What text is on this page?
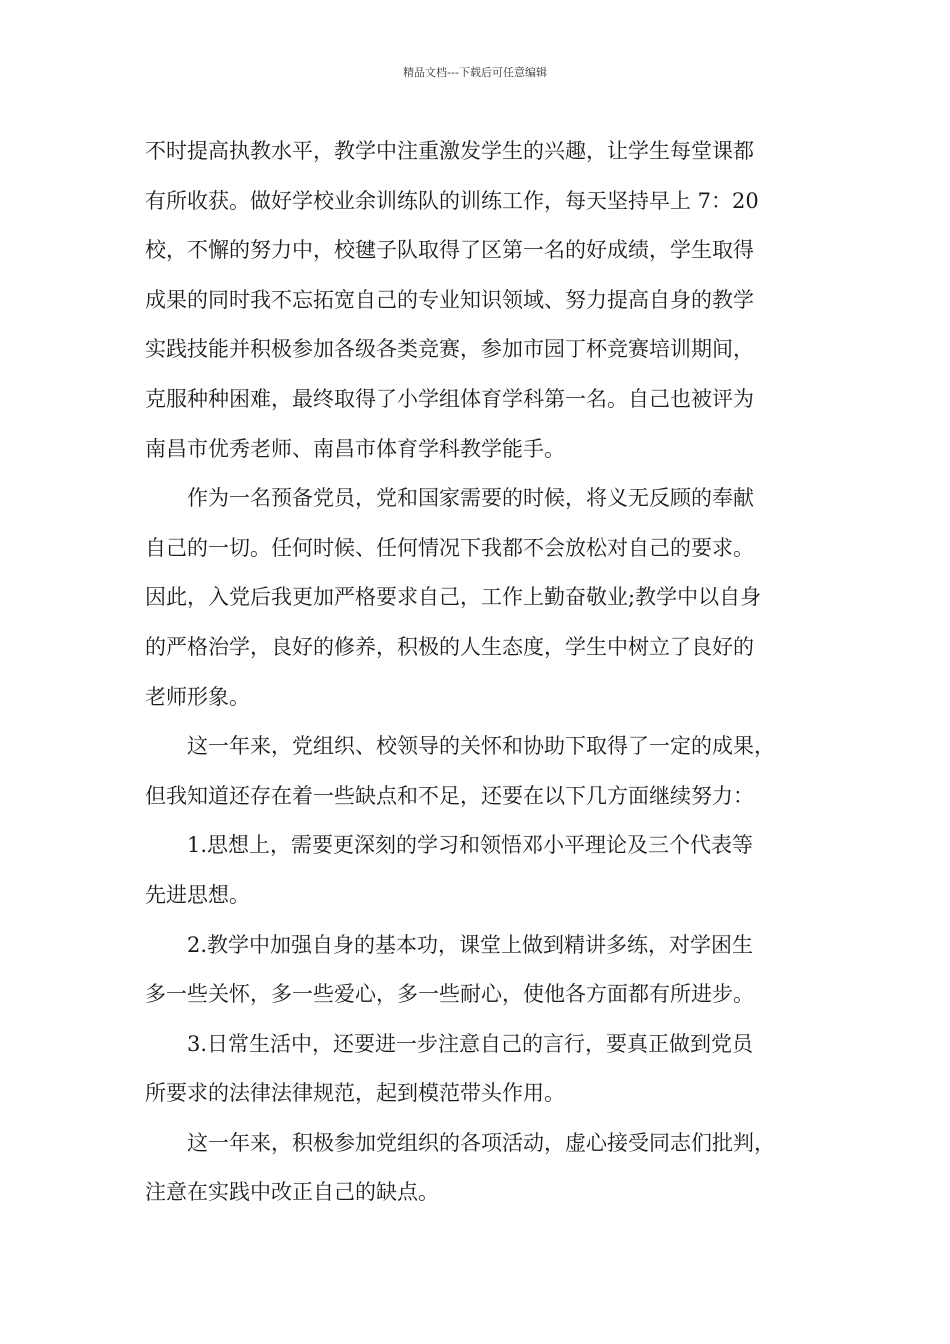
精品文档---下载后可任意编辑
不时提高执教水平，教学中注重激发学生的兴趣，让学生每堂课都
有所收获。做好学校业余训练队的训练工作，每天坚持早上 7：20
校，不懈的努力中，校毽子队取得了区第一名的好成绩，学生取得
成果的同时我不忘拓宽自己的专业知识领域、努力提高自身的教学
实践技能并积极参加各级各类竞赛，参加市园丁杯竞赛培训期间，
克服种种困难，最终取得了小学组体育学科第一名。自己也被评为
南昌市优秀老师、南昌市体育学科教学能手。
作为一名预备党员，党和国家需要的时候，将义无反顾的奉献
自己的一切。任何时候、任何情况下我都不会放松对自己的要求。
因此，入党后我更加严格要求自己，工作上勤奋敬业;教学中以自身
的严格治学，良好的修养，积极的人生态度，学生中树立了良好的
老师形象。
这一年来，党组织、校领导的关怀和协助下取得了一定的成果，
但我知道还存在着一些缺点和不足，还要在以下几方面继续努力：
1.思想上，需要更深刻的学习和领悟邓小平理论及三个代表等
先进思想。
2.教学中加强自身的基本功，课堂上做到精讲多练，对学困生
多一些关怀，多一些爱心，多一些耐心，使他各方面都有所进步。
3.日常生活中，还要进一步注意自己的言行，要真正做到党员
所要求的法律法律规范，起到模范带头作用。
这一年来，积极参加党组织的各项活动，虚心接受同志们批判，
注意在实践中改正自己的缺点。
